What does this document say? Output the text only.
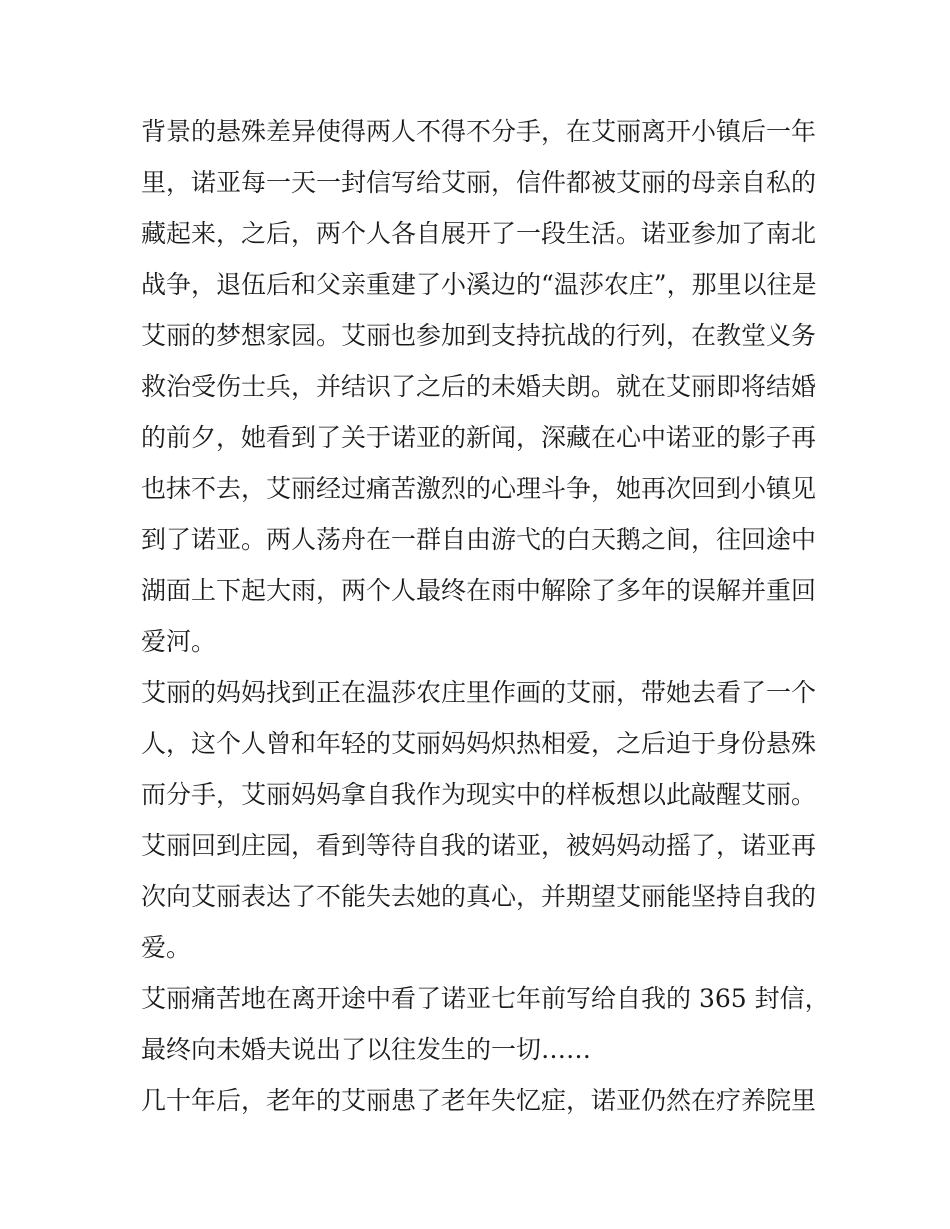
背景的悬殊差异使得两人不得不分手，在艾丽离开小镇后一年
里，诺亚每一天一封信写给艾丽，信件都被艾丽的母亲自私的
藏起来，之后，两个人各自展开了一段生活。诺亚参加了南北
战争，退伍后和父亲重建了小溪边的“温莎农庄”，那里以往是
艾丽的梦想家园。艾丽也参加到支持抗战的行列，在教堂义务
救治受伤士兵，并结识了之后的未婚夫朗。就在艾丽即将结婚
的前夕，她看到了关于诺亚的新闻，深藏在心中诺亚的影子再
也抹不去，艾丽经过痛苦激烈的心理斗争，她再次回到小镇见
到了诺亚。两人荡舟在一群自由游弋的白天鹅之间，往回途中
湖面上下起大雨，两个人最终在雨中解除了多年的误解并重回
爱河。

艾丽的妈妈找到正在温莎农庄里作画的艾丽，带她去看了一个
人，这个人曾和年轻的艾丽妈妈炽热相爱，之后迫于身份悬殊
而分手，艾丽妈妈拿自我作为现实中的样板想以此敲醒艾丽。
艾丽回到庄园，看到等待自我的诺亚，被妈妈动摇了，诺亚再
次向艾丽表达了不能失去她的真心，并期望艾丽能坚持自我的
爱。

艾丽痛苦地在离开途中看了诺亚七年前写给自我的 365 封信，
最终向未婚夫说出了以往发生的一切……

几十年后，老年的艾丽患了老年失忆症，诺亚仍然在疗养院里
